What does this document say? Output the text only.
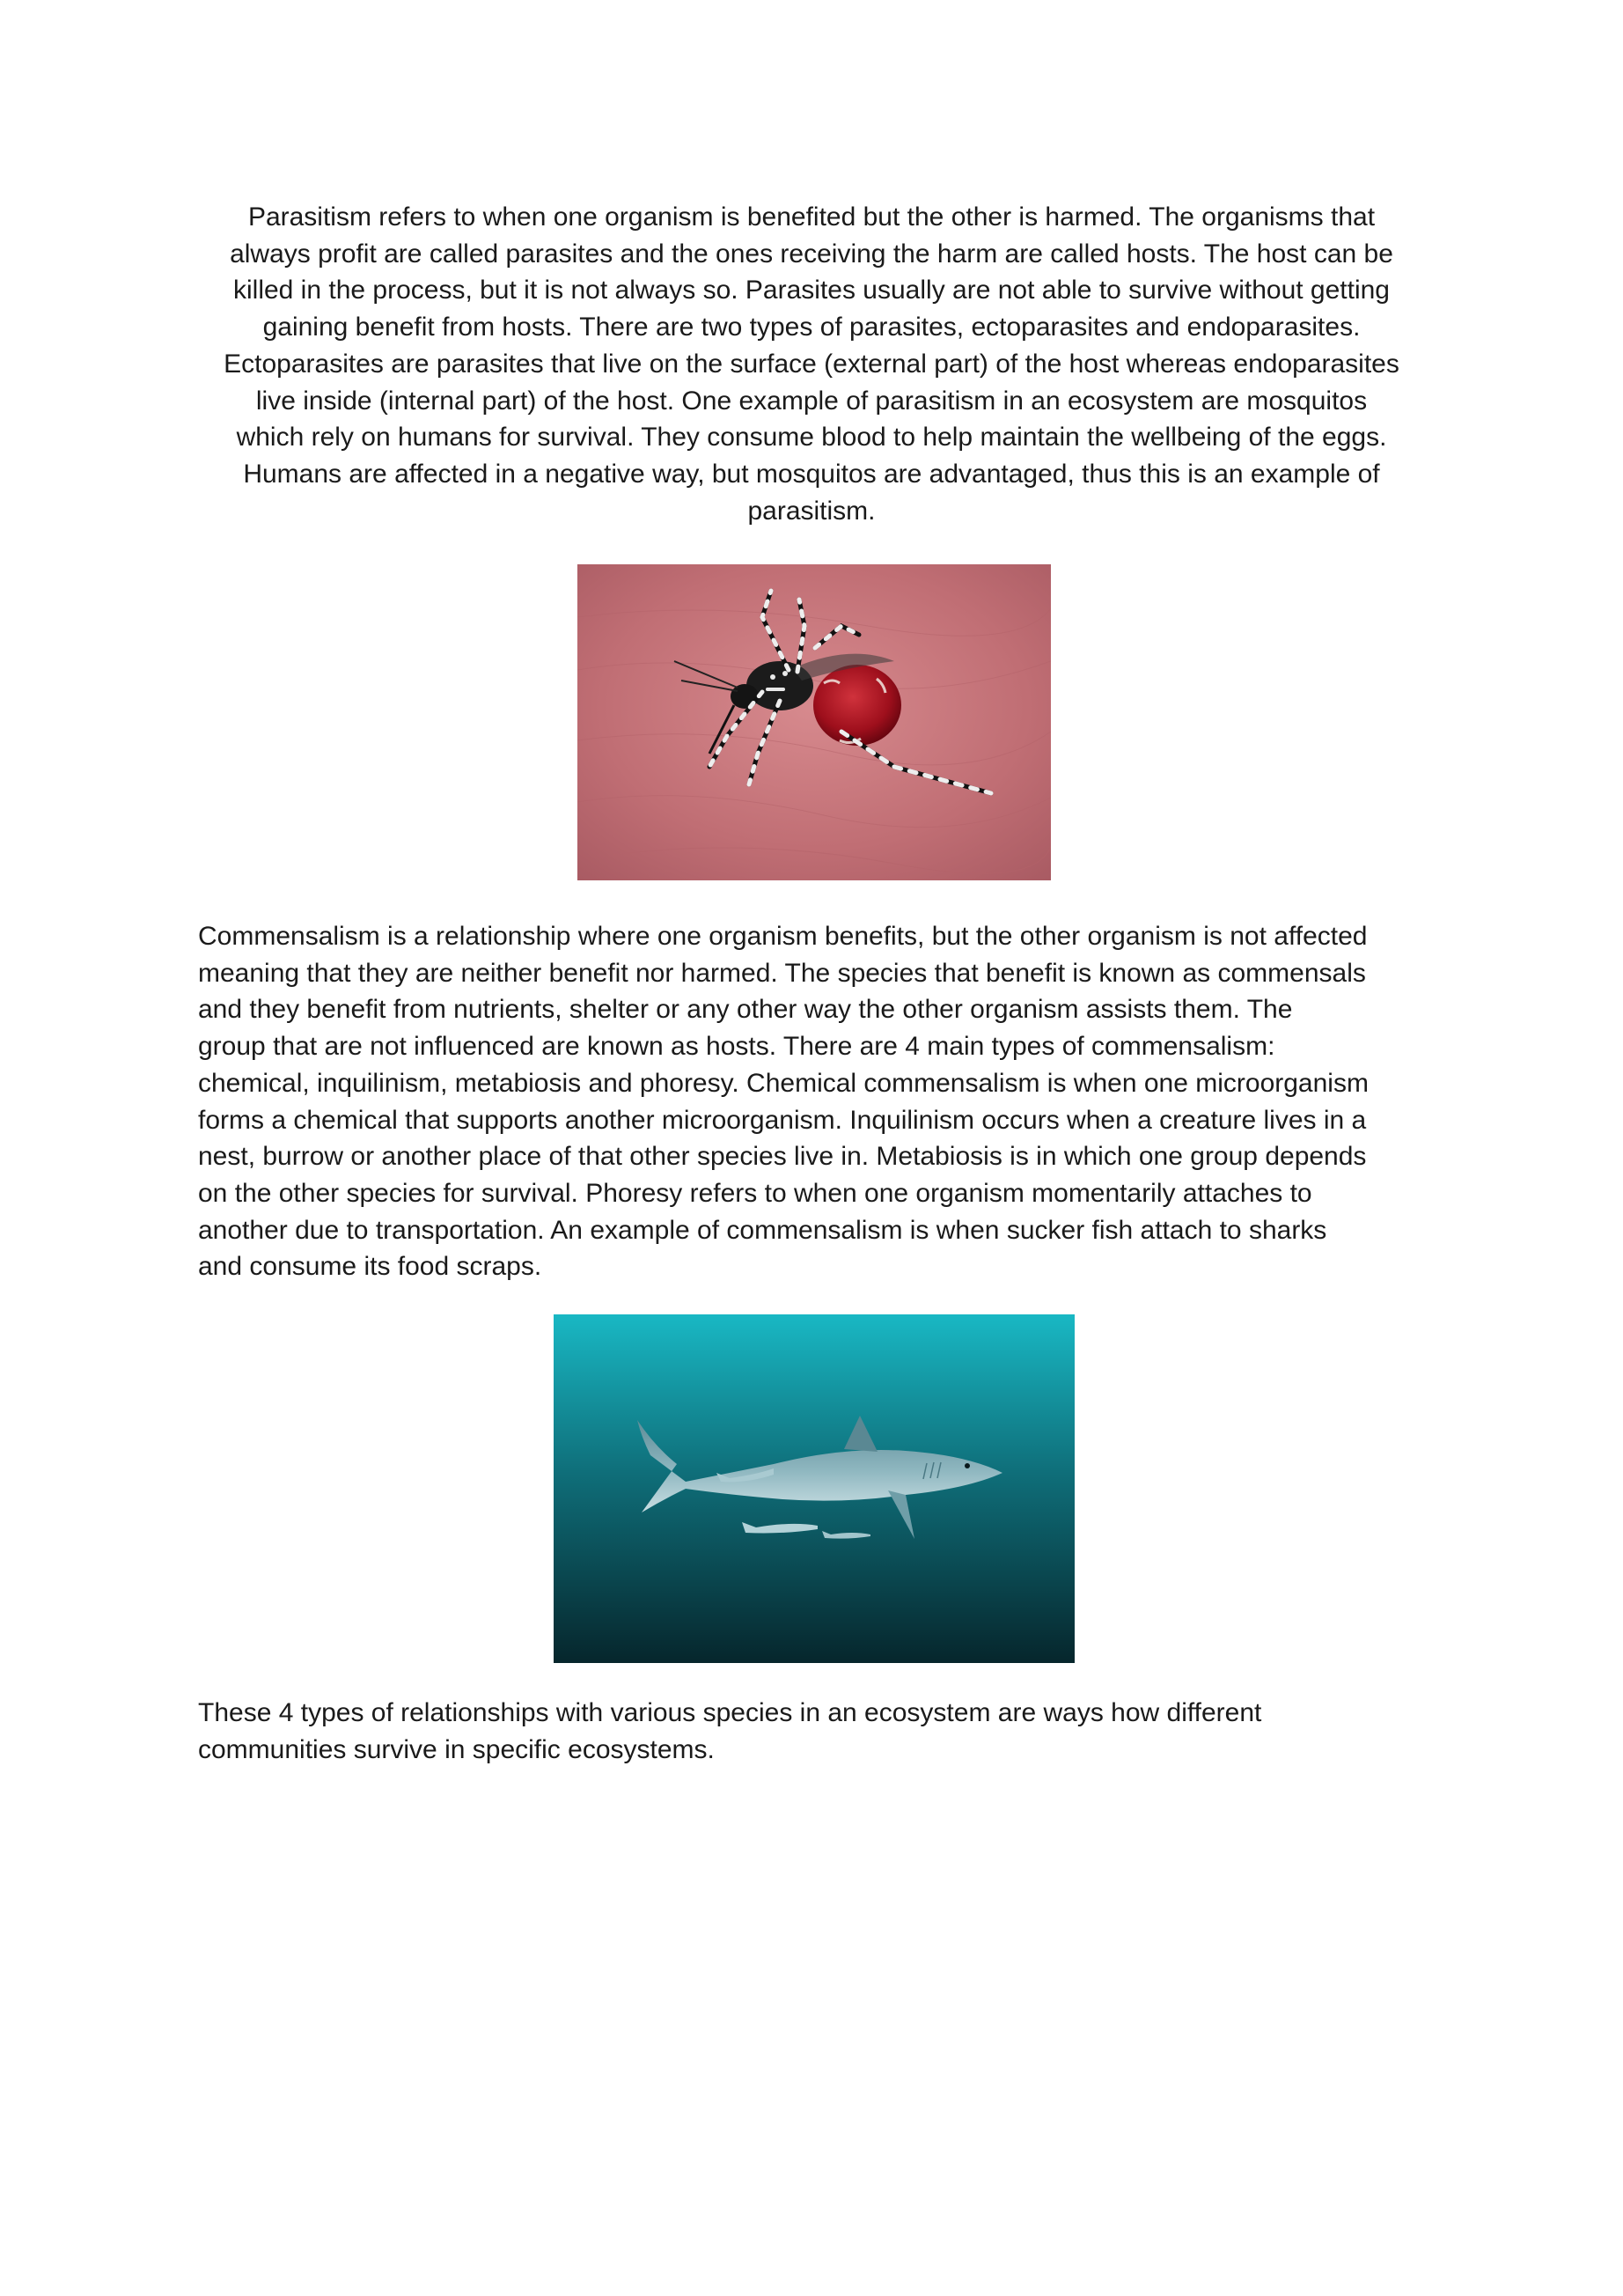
Parasitism refers to when one organism is benefited but the other is harmed. The organisms that
always profit are called parasites and the ones receiving the harm are called hosts. The host can be
killed in the process, but it is not always so. Parasites usually are not able to survive without getting
gaining benefit from hosts. There are two types of parasites, ectoparasites and endoparasites.
Ectoparasites are parasites that live on the surface (external part) of the host whereas endoparasites
live inside (internal part) of the host. One example of parasitism in an ecosystem are mosquitos
which rely on humans for survival. They consume blood to help maintain the wellbeing of the eggs.
Humans are affected in a negative way, but mosquitos are advantaged, thus this is an example of
parasitism.

Commensalism is a relationship where one organism benefits, but the other organism is not affected
meaning that they are neither benefit nor harmed. The species that benefit is known as commensals
and they benefit from nutrients, shelter or any other way the other organism assists them. The
group that are not influenced are known as hosts. There are 4 main types of commensalism:
chemical, inquilinism, metabiosis and phoresy. Chemical commensalism is when one microorganism
forms a chemical that supports another microorganism. Inquilinism occurs when a creature lives in a
nest, burrow or another place of that other species live in. Metabiosis is in which one group depends
on the other species for survival. Phoresy refers to when one organism momentarily attaches to
another due to transportation. An example of commensalism is when sucker fish attach to sharks
and consume its food scraps.

These 4 types of relationships with various species in an ecosystem are ways how different
communities survive in specific ecosystems.
